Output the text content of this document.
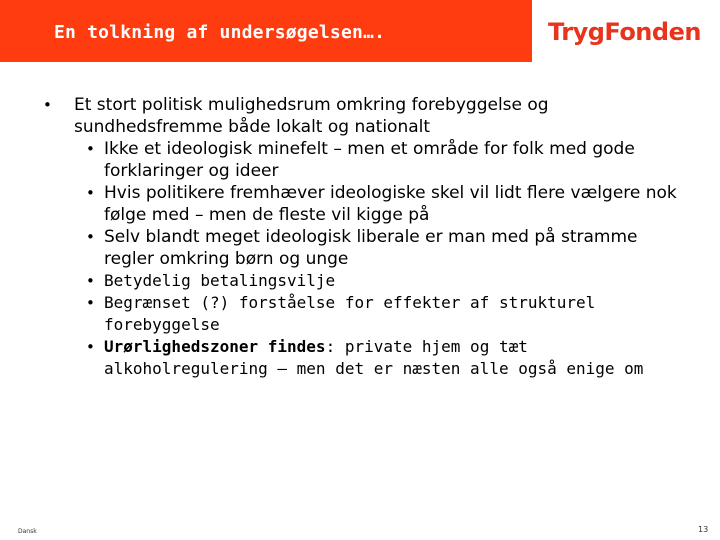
En tolkning af undersøgelsen….	TrygFonden

• Et stort politisk mulighedsrum omkring forebyggelse og sundhedsfremme både lokalt og nationalt

• Ikke et ideologisk minefelt – men et område for folk med gode forklaringer og ideer

• Hvis politikere fremhæver ideologiske skel vil lidt flere vælgere nok følge med – men de fleste vil kigge på

• Selv blandt meget ideologisk liberale er man med på stramme regler omkring børn og unge

• Betydelig betalingsvilje

• Begrænset (?) forståelse for effekter af strukturel forebyggelse

• Urørlighedszoner findes: private hjem og tæt alkoholregulering – men det er næsten alle også enige om

Dansk	13
